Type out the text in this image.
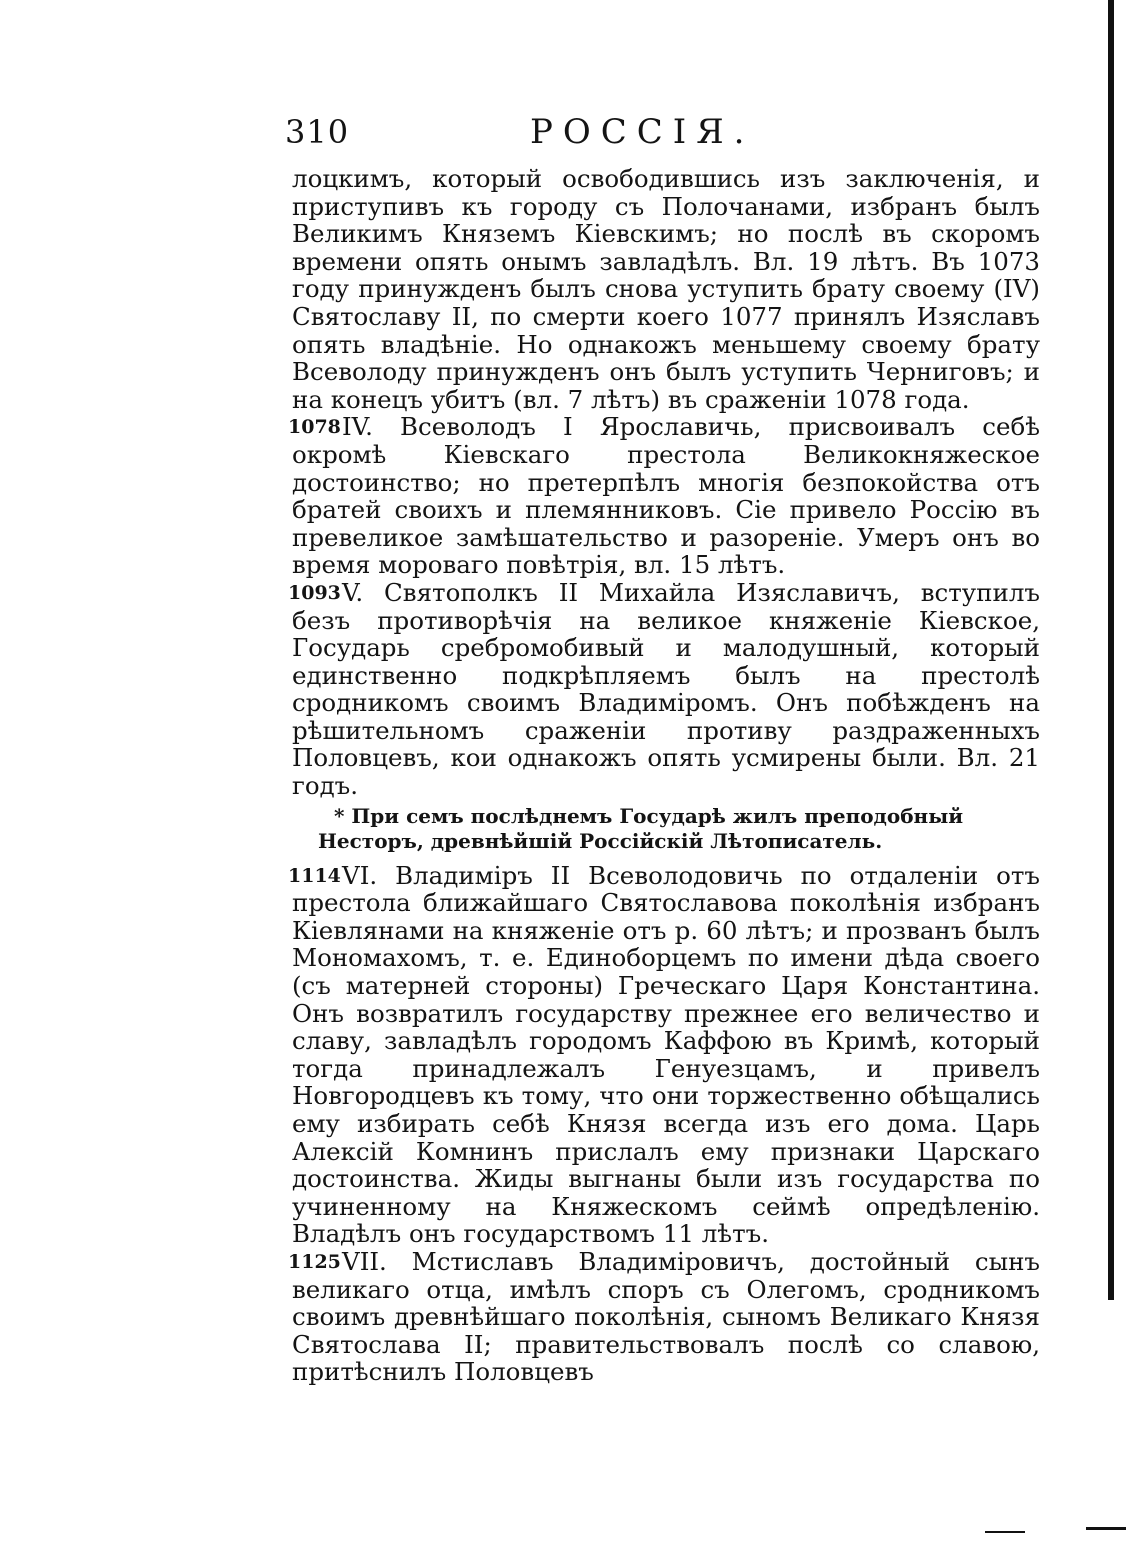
310	РОССІЯ.

лоцкимъ, который освободившись изъ заключенія, и приступивъ къ городу съ Полочанами, избранъ былъ Великимъ Княземъ Кіевскимъ; но послѣ въ скоромъ времени опять онымъ завладѣлъ. Вл. 19 лѣтъ. Въ 1073 году принужденъ былъ снова уступить брату своему (IV) Святославу II, по смерти коего 1077 принялъ Изяславъ опять владѣніе. Но однакожъ меньшему своему брату Всеволоду принужденъ онъ былъ уступить Черниговъ; и на конецъ убитъ (вл. 7 лѣтъ) въ сраженіи 1078 года.

1078 IV. Всеволодъ I Ярославичь, присвоивалъ себѣ окромѣ Кіевскаго престола Великокняжеское достоинство; но претерпѣлъ многія безпокойства отъ братей своихъ и племянниковъ. Сіе привело Россію въ превеликое замѣшательство и разореніе. Умеръ онъ во время мороваго повѣтрія, вл. 15 лѣтъ.

1093 V. Святополкъ II Михайла Изяславичъ, вступилъ безъ противорѣчія на великое княженіе Кіевское, Государь сребромобивый и малодушный, который единственно подкрѣпляемъ былъ на престолѣ сродникомъ своимъ Владиміромъ. Онъ побѣжденъ на рѣшительномъ сраженіи противу раздраженныхъ Половцевъ, кои однакожъ опять усмирены были. Вл. 21 годъ.

* При семъ послѣднемъ Государѣ жилъ преподобный Несторъ, древнѣйшій Россійскій Лѣтописатель.

1114 VI. Владиміръ II Всеволодовичь по отдаленіи отъ престола ближайшаго Святославова поколѣнія избранъ Кіевлянами на княженіе отъ р. 60 лѣтъ; и прозванъ былъ Мономахомъ, т. е. Единоборцемъ по имени дѣда своего (съ матерней стороны) Греческаго Царя Константина. Онъ возвратилъ государству прежнее его величество и славу, завладѣлъ городомъ Каффою въ Кримѣ, который тогда принадлежалъ Генуезцамъ, и привелъ Новгородцевъ къ тому, что они торжественно обѣщались ему избирать себѣ Князя всегда изъ его дома. Царь Алексій Комнинъ прислалъ ему признаки Царскаго достоинства. Жиды выгнаны были изъ государства по учиненному на Княжескомъ сеймѣ опредѣленію. Владѣлъ онъ государствомъ 11 лѣтъ.

1125 VII. Мстиславъ Владиміровичъ, достойный сынъ великаго отца, имѣлъ споръ съ Олегомъ, сродникомъ своимъ древнѣйшаго поколѣнія, сыномъ Великаго Князя Святослава II; правительствовалъ послѣ со славою, притѣснилъ Половцевъ
